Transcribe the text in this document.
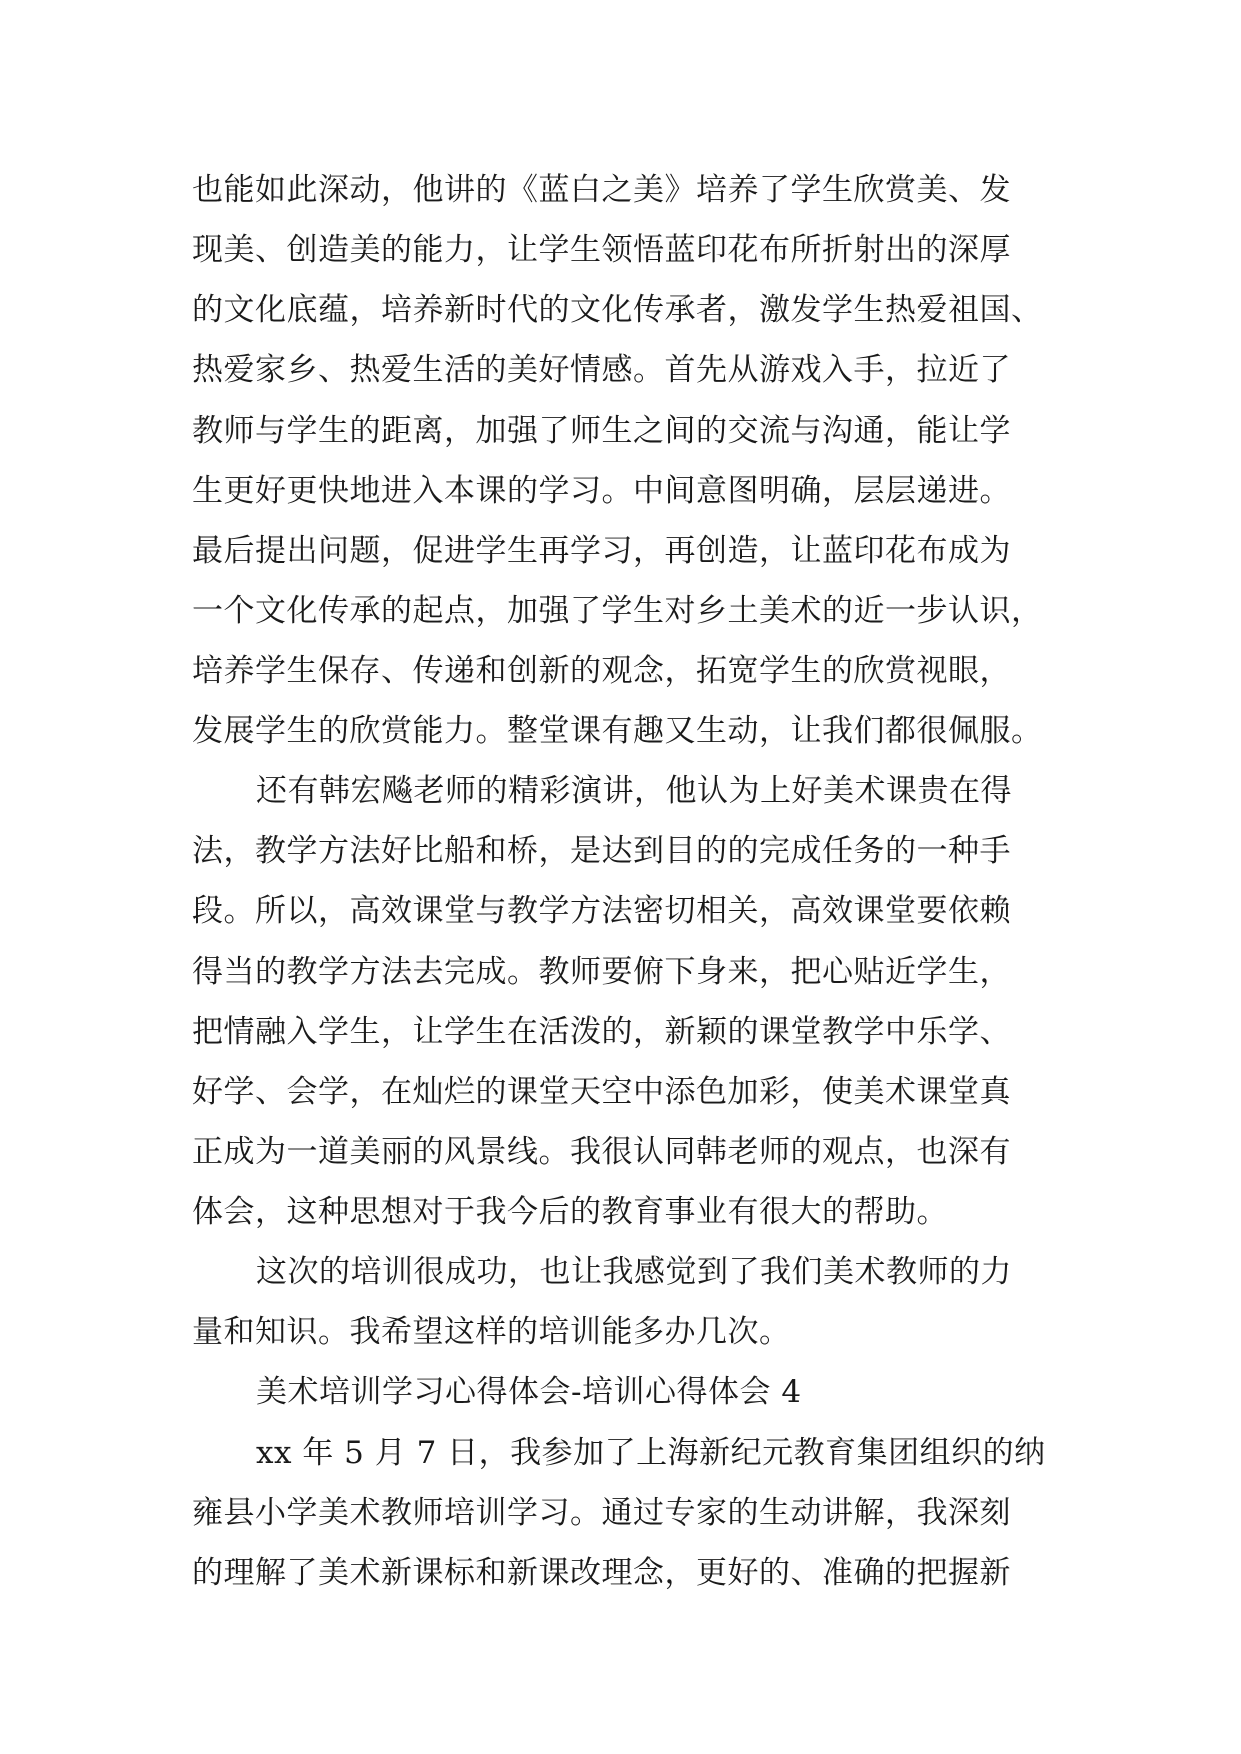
也能如此深动，他讲的《蓝白之美》培养了学生欣赏美、发
现美、创造美的能力，让学生领悟蓝印花布所折射出的深厚
的文化底蕴，培养新时代的文化传承者，激发学生热爱祖国、
热爱家乡、热爱生活的美好情感。首先从游戏入手，拉近了
教师与学生的距离，加强了师生之间的交流与沟通，能让学
生更好更快地进入本课的学习。中间意图明确，层层递进。
最后提出问题，促进学生再学习，再创造，让蓝印花布成为
一个文化传承的起点，加强了学生对乡土美术的近一步认识，
培养学生保存、传递和创新的观念，拓宽学生的欣赏视眼，
发展学生的欣赏能力。整堂课有趣又生动，让我们都很佩服。
还有韩宏飚老师的精彩演讲，他认为上好美术课贵在得
法，教学方法好比船和桥，是达到目的的完成任务的一种手
段。所以，高效课堂与教学方法密切相关，高效课堂要依赖
得当的教学方法去完成。教师要俯下身来，把心贴近学生，
把情融入学生，让学生在活泼的，新颖的课堂教学中乐学、
好学、会学，在灿烂的课堂天空中添色加彩，使美术课堂真
正成为一道美丽的风景线。我很认同韩老师的观点，也深有
体会，这种思想对于我今后的教育事业有很大的帮助。
这次的培训很成功，也让我感觉到了我们美术教师的力
量和知识。我希望这样的培训能多办几次。
美术培训学习心得体会-培训心得体会 4
xx 年 5 月 7 日，我参加了上海新纪元教育集团组织的纳
雍县小学美术教师培训学习。通过专家的生动讲解，我深刻
的理解了美术新课标和新课改理念，更好的、准确的把握新
